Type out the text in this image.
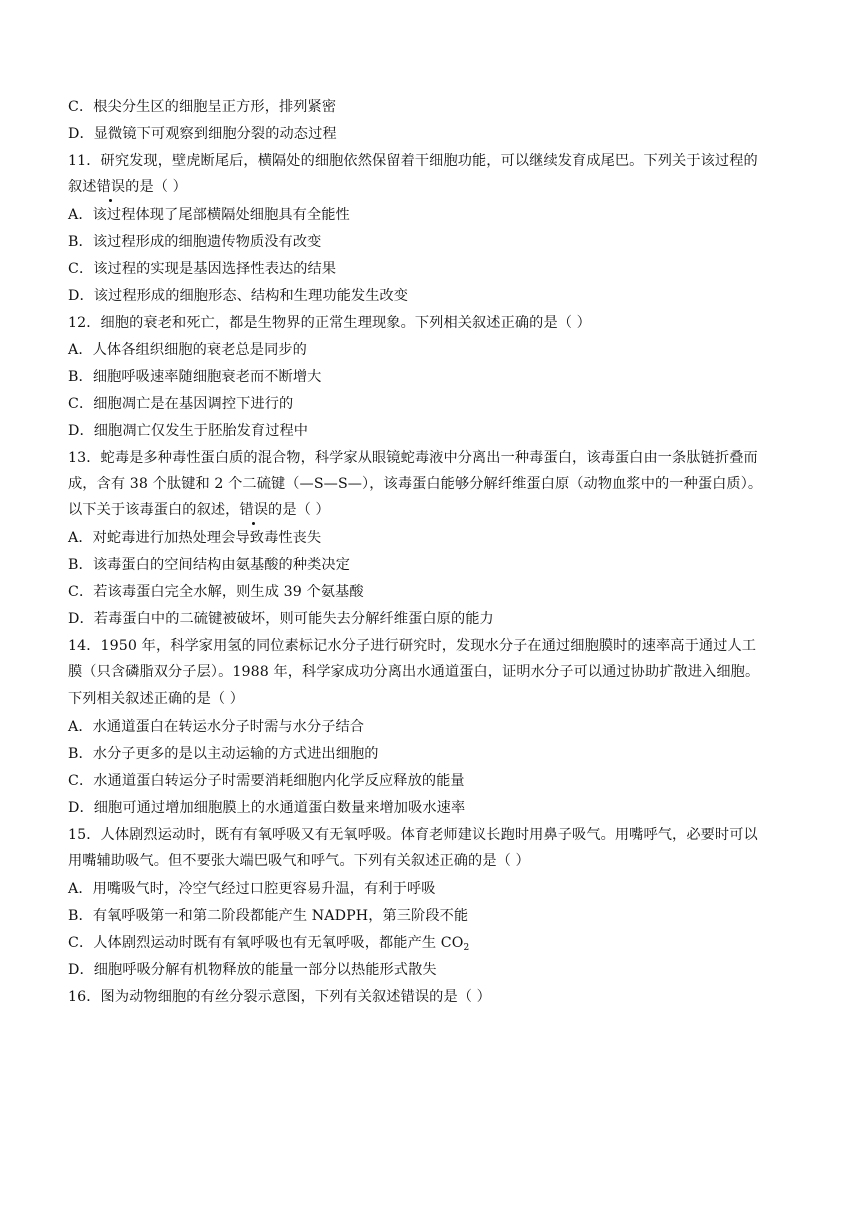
C．根尖分生区的细胞呈正方形，排列紧密
D．显微镜下可观察到细胞分裂的动态过程
11．研究发现，壁虎断尾后，横隔处的细胞依然保留着干细胞功能，可以继续发育成尾巴。下列关于该过程的
叙述错误的是（ ）
A．该过程体现了尾部横隔处细胞具有全能性
B．该过程形成的细胞遗传物质没有改变
C．该过程的实现是基因选择性表达的结果
D．该过程形成的细胞形态、结构和生理功能发生改变
12．细胞的衰老和死亡，都是生物界的正常生理现象。下列相关叙述正确的是（ ）
A．人体各组织细胞的衰老总是同步的
B．细胞呼吸速率随细胞衰老而不断增大
C．细胞凋亡是在基因调控下进行的
D．细胞凋亡仅发生于胚胎发育过程中
13．蛇毒是多种毒性蛋白质的混合物，科学家从眼镜蛇毒液中分离出一种毒蛋白，该毒蛋白由一条肽链折叠而
成，含有 38 个肽键和 2 个二硫键（—S—S—），该毒蛋白能够分解纤维蛋白原（动物血浆中的一种蛋白质）。
以下关于该毒蛋白的叙述，错误的是（ ）
A．对蛇毒进行加热处理会导致毒性丧失
B．该毒蛋白的空间结构由氨基酸的种类决定
C．若该毒蛋白完全水解，则生成 39 个氨基酸
D．若毒蛋白中的二硫键被破坏，则可能失去分解纤维蛋白原的能力
14．1950 年，科学家用氢的同位素标记水分子进行研究时，发现水分子在通过细胞膜时的速率高于通过人工
膜（只含磷脂双分子层）。1988 年，科学家成功分离出水通道蛋白，证明水分子可以通过协助扩散进入细胞。
下列相关叙述正确的是（ ）
A．水通道蛋白在转运水分子时需与水分子结合
B．水分子更多的是以主动运输的方式进出细胞的
C．水通道蛋白转运分子时需要消耗细胞内化学反应释放的能量
D．细胞可通过增加细胞膜上的水通道蛋白数量来增加吸水速率
15．人体剧烈运动时，既有有氧呼吸又有无氧呼吸。体育老师建议长跑时用鼻子吸气。用嘴呼气，必要时可以
用嘴辅助吸气。但不要张大端巴吸气和呼气。下列有关叙述正确的是（ ）
A．用嘴吸气时，冷空气经过口腔更容易升温，有利于呼吸
B．有氧呼吸第一和第二阶段都能产生 NADPH，第三阶段不能
C．人体剧烈运动时既有有氧呼吸也有无氧呼吸，都能产生 $CO_2$
D．细胞呼吸分解有机物释放的能量一部分以热能形式散失
16．图为动物细胞的有丝分裂示意图，下列有关叙述错误的是（ ）
